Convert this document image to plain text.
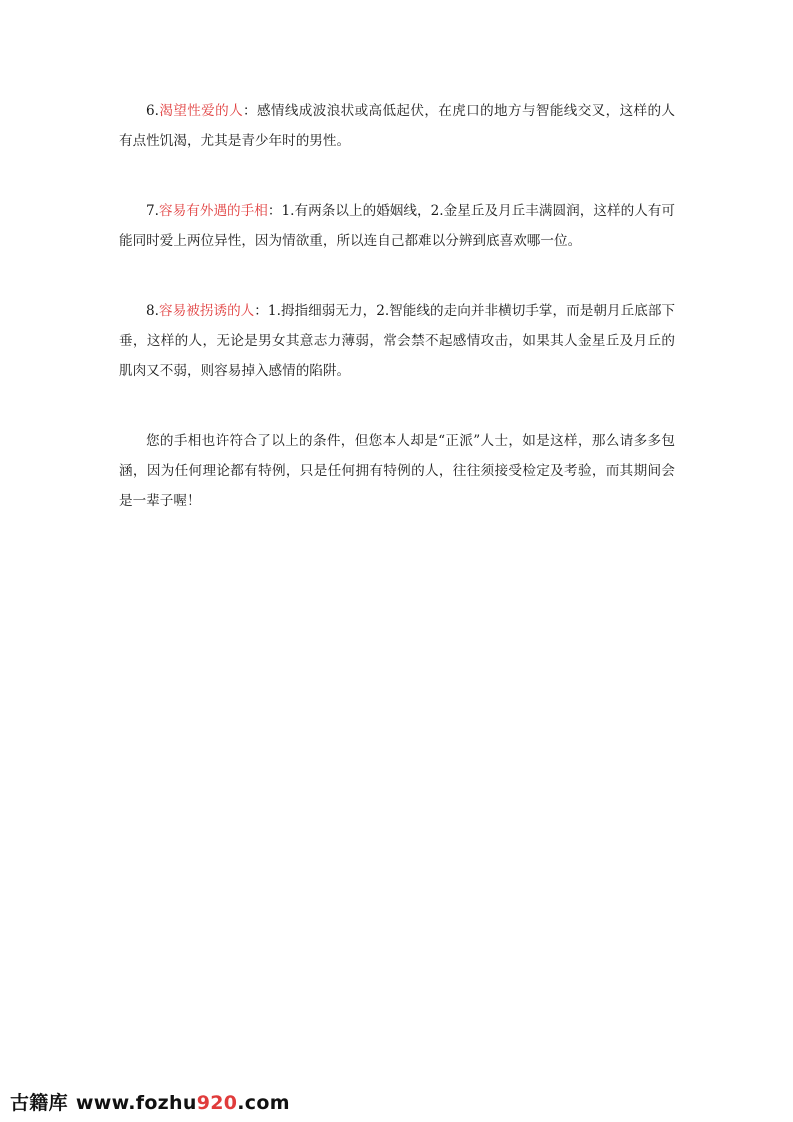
6.渴望性爱的人：感情线成波浪状或高低起伏，在虎口的地方与智能线交叉，这样的人有点性饥渴，尤其是青少年时的男性。

7.容易有外遇的手相：1.有两条以上的婚姻线，2.金星丘及月丘丰满圆润，这样的人有可能同时爱上两位异性，因为情欲重，所以连自己都难以分辨到底喜欢哪一位。

8.容易被拐诱的人：1.拇指细弱无力，2.智能线的走向并非横切手掌，而是朝月丘底部下垂，这样的人，无论是男女其意志力薄弱，常会禁不起感情攻击，如果其人金星丘及月丘的肌肉又不弱，则容易掉入感情的陷阱。

您的手相也许符合了以上的条件，但您本人却是“正派”人士，如是这样，那么请多多包涵，因为任何理论都有特例，只是任何拥有特例的人，往往须接受检定及考验，而其期间会是一辈子喔！

古籍库 www.fozhu920.com
